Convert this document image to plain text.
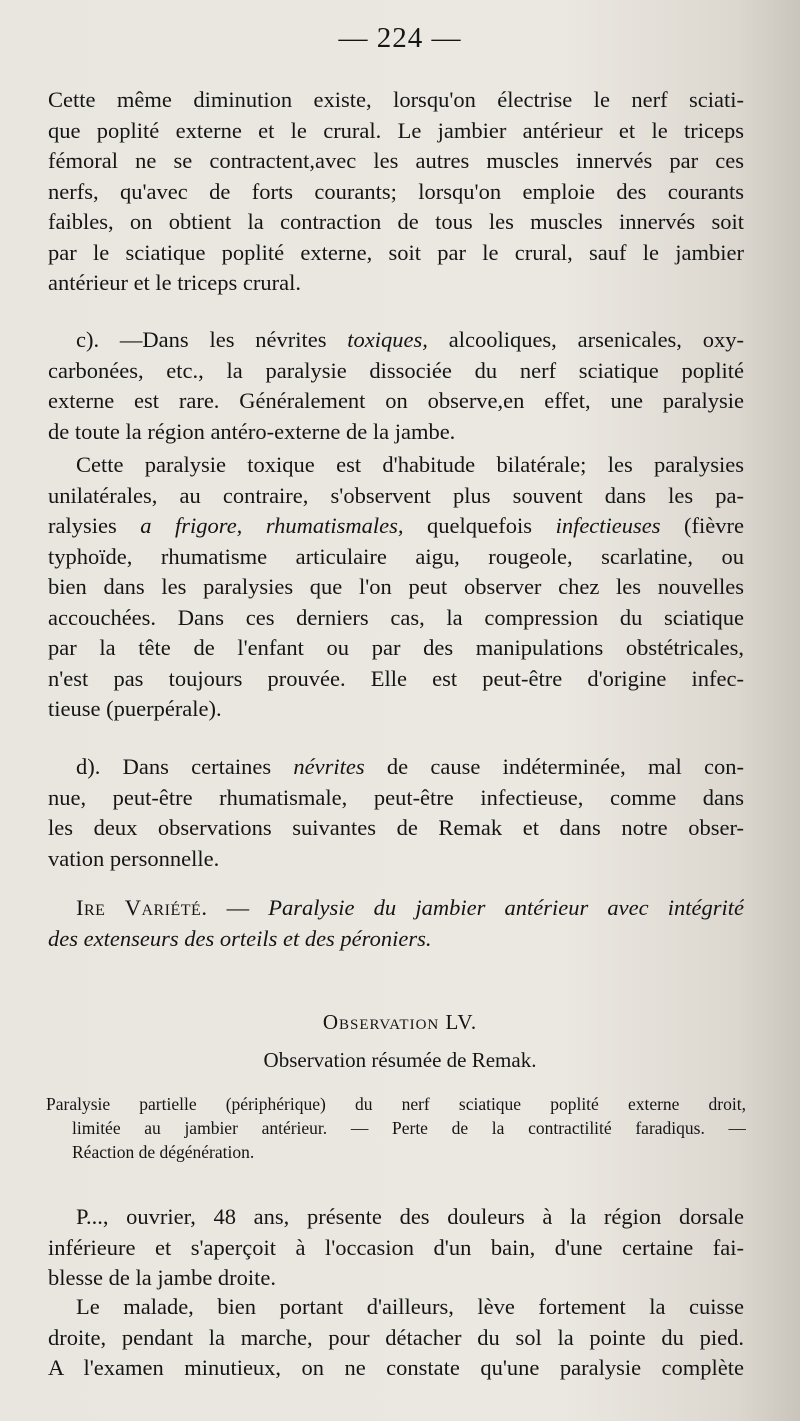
— 224 —
Cette même diminution existe, lorsqu'on électrise le nerf sciati-
que poplité externe et le crural. Le jambier antérieur et le triceps
fémoral ne se contractent,avec les autres muscles innervés par ces
nerfs, qu'avec de forts courants; lorsqu'on emploie des courants
faibles, on obtient la contraction de tous les muscles innervés soit
par le sciatique poplité externe, soit par le crural, sauf le jambier
antérieur et le triceps crural.
c). —Dans les névrites toxiques, alcooliques, arsenicales, oxy-
carbonées, etc., la paralysie dissociée du nerf sciatique poplité
externe est rare. Généralement on observe,en effet, une paralysie
de toute la région antéro-externe de la jambe.
Cette paralysie toxique est d'habitude bilatérale; les paralysies
unilatérales, au contraire, s'observent plus souvent dans les pa-
ralysies a frigore, rhumatismales, quelquefois infectieuses (fièvre
typhoïde, rhumatisme articulaire aigu, rougeole, scarlatine, ou
bien dans les paralysies que l'on peut observer chez les nouvelles
accouchées. Dans ces derniers cas, la compression du sciatique
par la tête de l'enfant ou par des manipulations obstétricales,
n'est pas toujours prouvée. Elle est peut-être d'origine infec-
tieuse (puerpérale).
d). Dans certaines névrites de cause indéterminée, mal con-
nue, peut-être rhumatismale, peut-être infectieuse, comme dans
les deux observations suivantes de Remak et dans notre obser-
vation personnelle.
Ire Variété. — Paralysie du jambier antérieur avec intégrité
des extenseurs des orteils et des péroniers.
Observation LV.
Observation résumée de Remak.
Paralysie partielle (périphérique) du nerf sciatique poplité externe droit,
limitée au jambier antérieur. — Perte de la contractilité faradiqus. —
Réaction de dégénération.
P..., ouvrier, 48 ans, présente des douleurs à la région dorsale
inférieure et s'aperçoit à l'occasion d'un bain, d'une certaine fai-
blesse de la jambe droite.
Le malade, bien portant d'ailleurs, lève fortement la cuisse
droite, pendant la marche, pour détacher du sol la pointe du pied.
A l'examen minutieux, on ne constate qu'une paralysie complète
